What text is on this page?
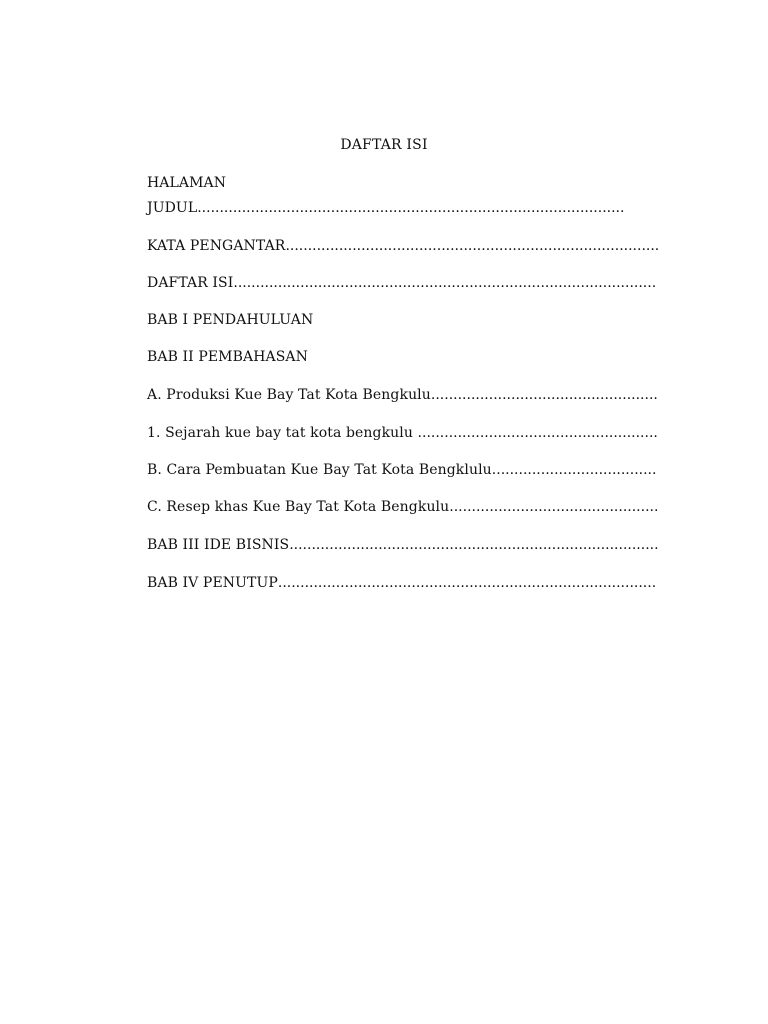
DAFTAR ISI
HALAMAN
JUDUL................................................................................................
KATA PENGANTAR....................................................................................
DAFTAR ISI...............................................................................................
BAB I PENDAHULUAN
BAB II PEMBAHASAN
A. Produksi Kue Bay Tat Kota Bengkulu...................................................
1. Sejarah kue bay tat kota bengkulu ......................................................
B. Cara Pembuatan Kue Bay Tat Kota Bengklulu.....................................
C. Resep khas Kue Bay Tat Kota Bengkulu...............................................
BAB III IDE BISNIS...................................................................................
BAB IV PENUTUP.....................................................................................
